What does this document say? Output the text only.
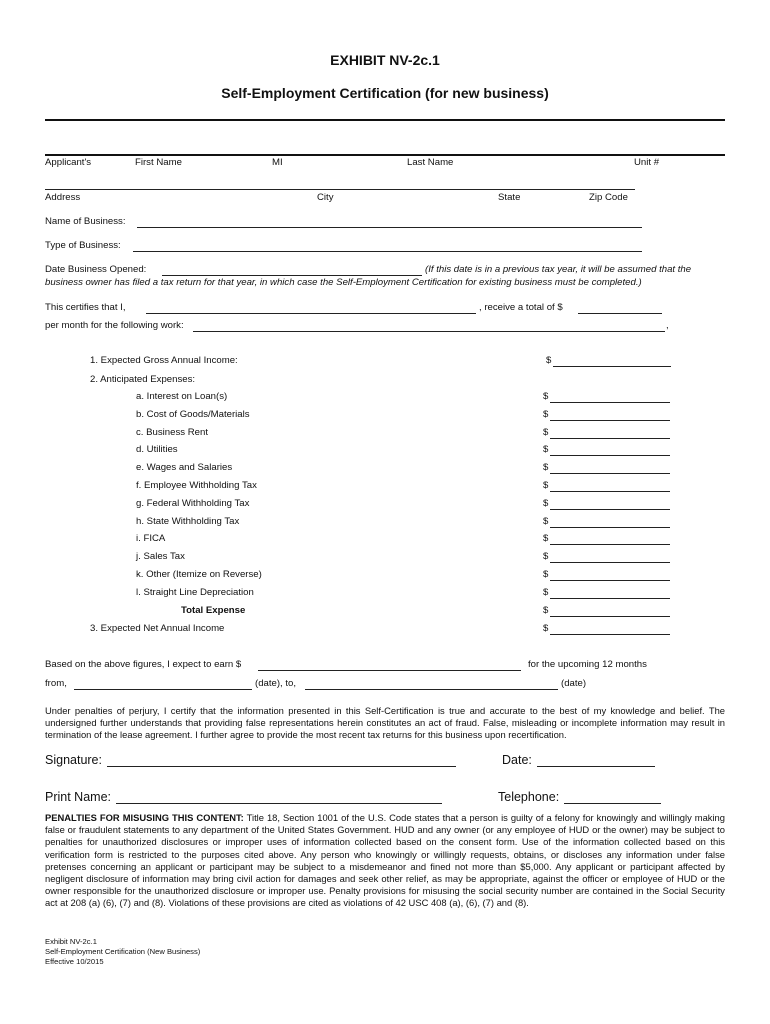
EXHIBIT NV-2c.1
Self-Employment Certification (for new business)
Applicant's	First Name	MI	Last Name	Unit #
Address	City	State	Zip Code
Name of Business:
Type of Business:
Date Business Opened:	(If this date is in a previous tax year, it will be assumed that the
business owner has filed a tax return for that year, in which case the Self-Employment Certification for existing business must be completed.)
This certifies that I,	, receive a total of $
per month for the following work:	,
1. Expected Gross Annual Income:	$
2. Anticipated Expenses:
a. Interest on Loan(s)	$
b. Cost of Goods/Materials	$
c. Business Rent	$
d. Utilities	$
e. Wages and Salaries	$
f. Employee Withholding Tax	$
g. Federal Withholding Tax	$
h. State Withholding Tax	$
i. FICA	$
j. Sales Tax	$
k. Other (Itemize on Reverse)	$
l. Straight Line Depreciation	$
Total Expense	$
3. Expected Net Annual Income	$
Based on the above figures, I expect to earn $	for the upcoming 12 months
from,	(date), to,	(date)
Under penalties of perjury, I certify that the information presented in this Self-Certification is true and accurate to the best of my knowledge and belief. The undersigned further understands that providing false representations herein constitutes an act of fraud. False, misleading or incomplete information may result in termination of the lease agreement. I further agree to provide the most recent tax returns for this business upon recertification.
Signature:	Date:
Print Name:	Telephone:
PENALTIES FOR MISUSING THIS CONTENT: Title 18, Section 1001 of the U.S. Code states that a person is guilty of a felony for knowingly and willingly making false or fraudulent statements to any department of the United States Government. HUD and any owner (or any employee of HUD or the owner) may be subject to penalties for unauthorized disclosures or improper uses of information collected based on the consent form. Use of the information collected based on this verification form is restricted to the purposes cited above. Any person who knowingly or willingly requests, obtains, or discloses any information under false pretenses concerning an applicant or participant may be subject to a misdemeanor and fined not more than $5,000. Any applicant or participant affected by negligent disclosure of information may bring civil action for damages and seek other relief, as may be appropriate, against the officer or employee of HUD or the owner responsible for the unauthorized disclosure or improper use. Penalty provisions for misusing the social security number are contained in the Social Security act at 208 (a) (6), (7) and (8). Violations of these provisions are cited as violations of 42 USC 408 (a), (6), (7) and (8).
Exhibit NV-2c.1
Self-Employment Certification (New Business)
Effective 10/2015
